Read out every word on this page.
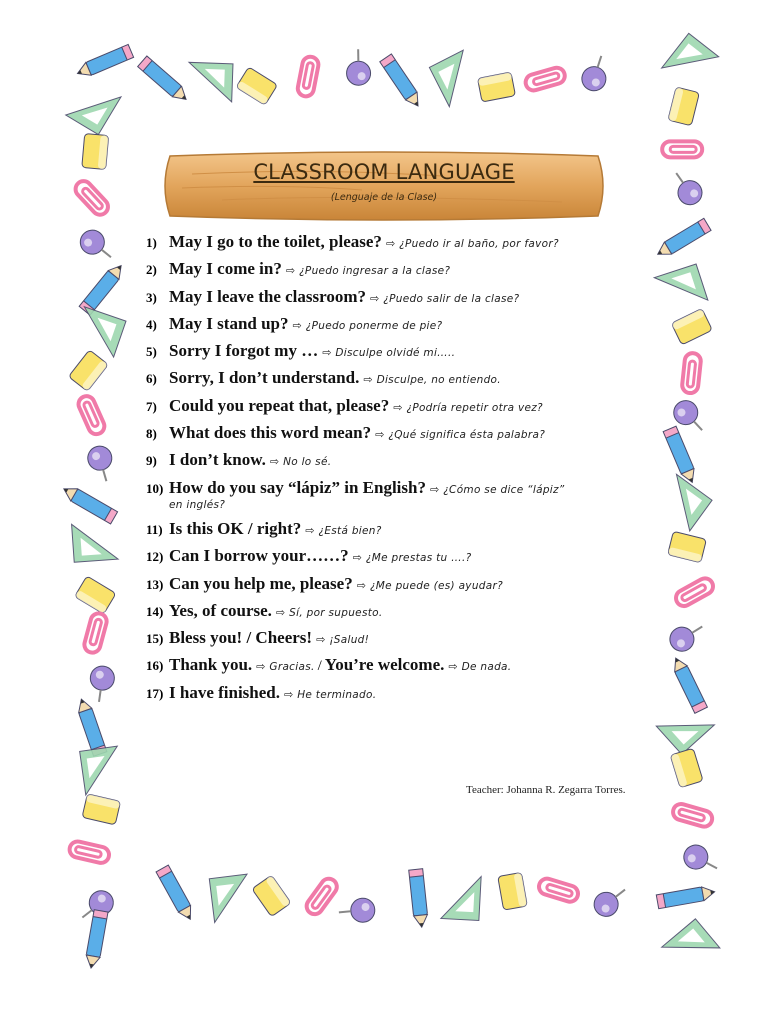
CLASSROOM LANGUAGE
(Lenguaje de la Clase)
1) May I go to the toilet, please? ⇨ ¿Puedo ir al baño, por favor?
2) May I come in? ⇨ ¿Puedo ingresar a la clase?
3) May I leave the classroom? ⇨ ¿Puedo salir de la clase?
4) May I stand up? ⇨ ¿Puedo ponerme de pie?
5) Sorry I forgot my … ⇨ Disculpe olvidé mi…..
6) Sorry, I don’t understand. ⇨ Disculpe, no entiendo.
7) Could you repeat that, please? ⇨ ¿Podría repetir otra vez?
8) What does this word mean? ⇨ ¿Qué significa ésta palabra?
9) I don’t know. ⇨ No lo sé.
10) How do you say “lápiz” in English? ⇨ ¿Cómo se dice “lápiz”
en inglés?
11) Is this OK / right? ⇨ ¿Está bien?
12) Can I borrow your……? ⇨ ¿Me prestas tu ….?
13) Can you help me, please? ⇨ ¿Me puede (es) ayudar?
14) Yes, of course. ⇨ Sí, por supuesto.
15) Bless you! / Cheers! ⇨ ¡Salud!
16) Thank you. ⇨ Gracias. / You’re welcome. ⇨ De nada.
17) I have finished. ⇨ He terminado.
Teacher: Johanna R. Zegarra Torres.
